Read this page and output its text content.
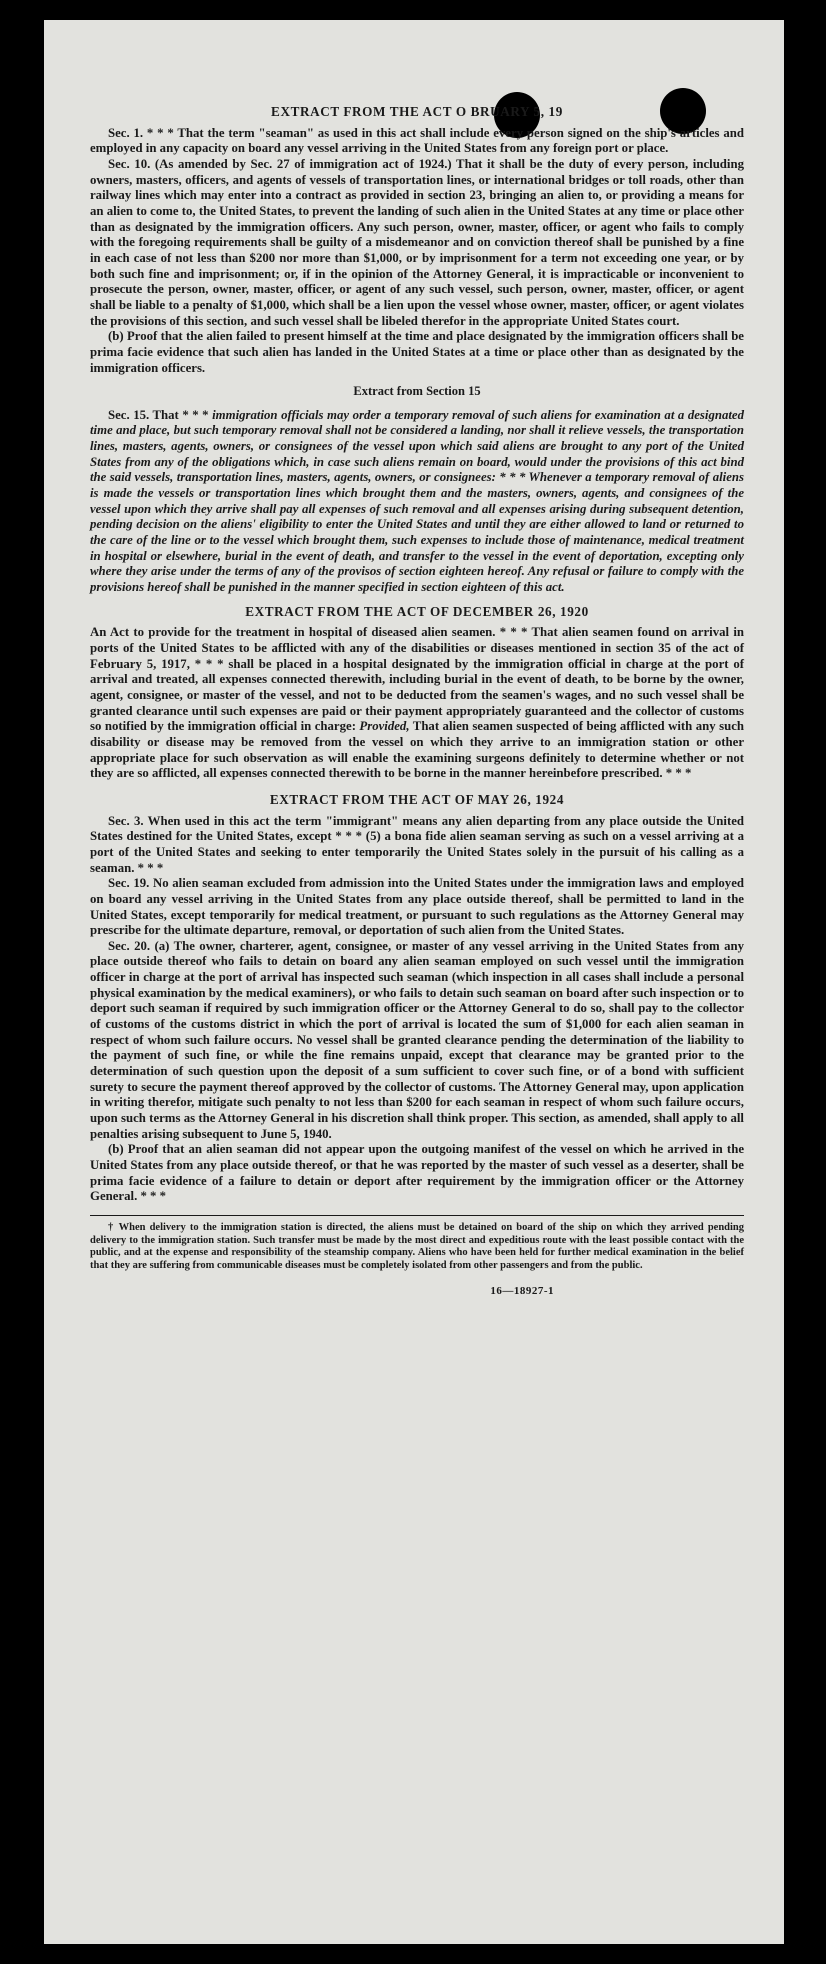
EXTRACT FROM THE ACT O BRUARY 5, 19

Sec. 1. * * * That the term "seaman" as used in this act shall include every person signed on the ship's articles and employed in any capacity on board any vessel arriving in the United States from any foreign port or place.

Sec. 10. (As amended by Sec. 27 of immigration act of 1924.) That it shall be the duty of every person, including owners, masters, officers, and agents of vessels of transportation lines, or international bridges or toll roads, other than railway lines which may enter into a contract as provided in section 23, bringing an alien to, or providing a means for an alien to come to, the United States, to prevent the landing of such alien in the United States at any time or place other than as designated by the immigration officers. Any such person, owner, master, officer, or agent who fails to comply with the foregoing requirements shall be guilty of a misdemeanor and on conviction thereof shall be punished by a fine in each case of not less than $200 nor more than $1,000, or by imprisonment for a term not exceeding one year, or by both such fine and imprisonment; or, if in the opinion of the Attorney General, it is impracticable or inconvenient to prosecute the person, owner, master, officer, or agent of any such vessel, such person, owner, master, officer, or agent shall be liable to a penalty of $1,000, which shall be a lien upon the vessel whose owner, master, officer, or agent violates the provisions of this section, and such vessel shall be libeled therefor in the appropriate United States court.

(b) Proof that the alien failed to present himself at the time and place designated by the immigration officers shall be prima facie evidence that such alien has landed in the United States at a time or place other than as designated by the immigration officers.

Extract from Section 15

Sec. 15. That * * * immigration officials may order a temporary removal of such aliens for examination at a designated time and place, but such temporary removal shall not be considered a landing, nor shall it relieve vessels, the transportation lines, masters, agents, owners, or consignees of the vessel upon which said aliens are brought to any port of the United States from any of the obligations which, in case such aliens remain on board, would under the provisions of this act bind the said vessels, transportation lines, masters, agents, owners, or consignees: * * * Whenever a temporary removal of aliens is made the vessels or transportation lines which brought them and the masters, owners, agents, and consignees of the vessel upon which they arrive shall pay all expenses of such removal and all expenses arising during subsequent detention, pending decision on the aliens' eligibility to enter the United States and until they are either allowed to land or returned to the care of the line or to the vessel which brought them, such expenses to include those of maintenance, medical treatment in hospital or elsewhere, burial in the event of death, and transfer to the vessel in the event of deportation, excepting only where they arise under the terms of any of the provisos of section eighteen hereof. Any refusal or failure to comply with the provisions hereof shall be punished in the manner specified in section eighteen of this act.

EXTRACT FROM THE ACT OF DECEMBER 26, 1920

An Act to provide for the treatment in hospital of diseased alien seamen. * * * That alien seamen found on arrival in ports of the United States to be afflicted with any of the disabilities or diseases mentioned in section 35 of the act of February 5, 1917, * * * shall be placed in a hospital designated by the immigration official in charge at the port of arrival and treated, all expenses connected therewith, including burial in the event of death, to be borne by the owner, agent, consignee, or master of the vessel, and not to be deducted from the seamen's wages, and no such vessel shall be granted clearance until such expenses are paid or their payment appropriately guaranteed and the collector of customs so notified by the immigration official in charge: Provided, That alien seamen suspected of being afflicted with any such disability or disease may be removed from the vessel on which they arrive to an immigration station or other appropriate place for such observation as will enable the examining surgeons definitely to determine whether or not they are so afflicted, all expenses connected therewith to be borne in the manner hereinbefore prescribed. * * *

EXTRACT FROM THE ACT OF MAY 26, 1924

Sec. 3. When used in this act the term "immigrant" means any alien departing from any place outside the United States destined for the United States, except * * * (5) a bona fide alien seaman serving as such on a vessel arriving at a port of the United States and seeking to enter temporarily the United States solely in the pursuit of his calling as a seaman. * * *

Sec. 19. No alien seaman excluded from admission into the United States under the immigration laws and employed on board any vessel arriving in the United States from any place outside thereof, shall be permitted to land in the United States, except temporarily for medical treatment, or pursuant to such regulations as the Attorney General may prescribe for the ultimate departure, removal, or deportation of such alien from the United States.

Sec. 20. (a) The owner, charterer, agent, consignee, or master of any vessel arriving in the United States from any place outside thereof who fails to detain on board any alien seaman employed on such vessel until the immigration officer in charge at the port of arrival has inspected such seaman (which inspection in all cases shall include a personal physical examination by the medical examiners), or who fails to detain such seaman on board after such inspection or to deport such seaman if required by such immigration officer or the Attorney General to do so, shall pay to the collector of customs of the customs district in which the port of arrival is located the sum of $1,000 for each alien seaman in respect of whom such failure occurs. No vessel shall be granted clearance pending the determination of the liability to the payment of such fine, or while the fine remains unpaid, except that clearance may be granted prior to the determination of such question upon the deposit of a sum sufficient to cover such fine, or of a bond with sufficient surety to secure the payment thereof approved by the collector of customs. The Attorney General may, upon application in writing therefor, mitigate such penalty to not less than $200 for each seaman in respect of whom such failure occurs, upon such terms as the Attorney General in his discretion shall think proper. This section, as amended, shall apply to all penalties arising subsequent to June 5, 1940.

(b) Proof that an alien seaman did not appear upon the outgoing manifest of the vessel on which he arrived in the United States from any place outside thereof, or that he was reported by the master of such vessel as a deserter, shall be prima facie evidence of a failure to detain or deport after requirement by the immigration officer or the Attorney General. * * *

† When delivery to the immigration station is directed, the aliens must be detained on board of the ship on which they arrived pending delivery to the immigration station. Such transfer must be made by the most direct and expeditious route with the least possible contact with the public, and at the expense and responsibility of the steamship company. Aliens who have been held for further medical examination in the belief that they are suffering from communicable diseases must be completely isolated from other passengers and from the public.

16—18927-1
